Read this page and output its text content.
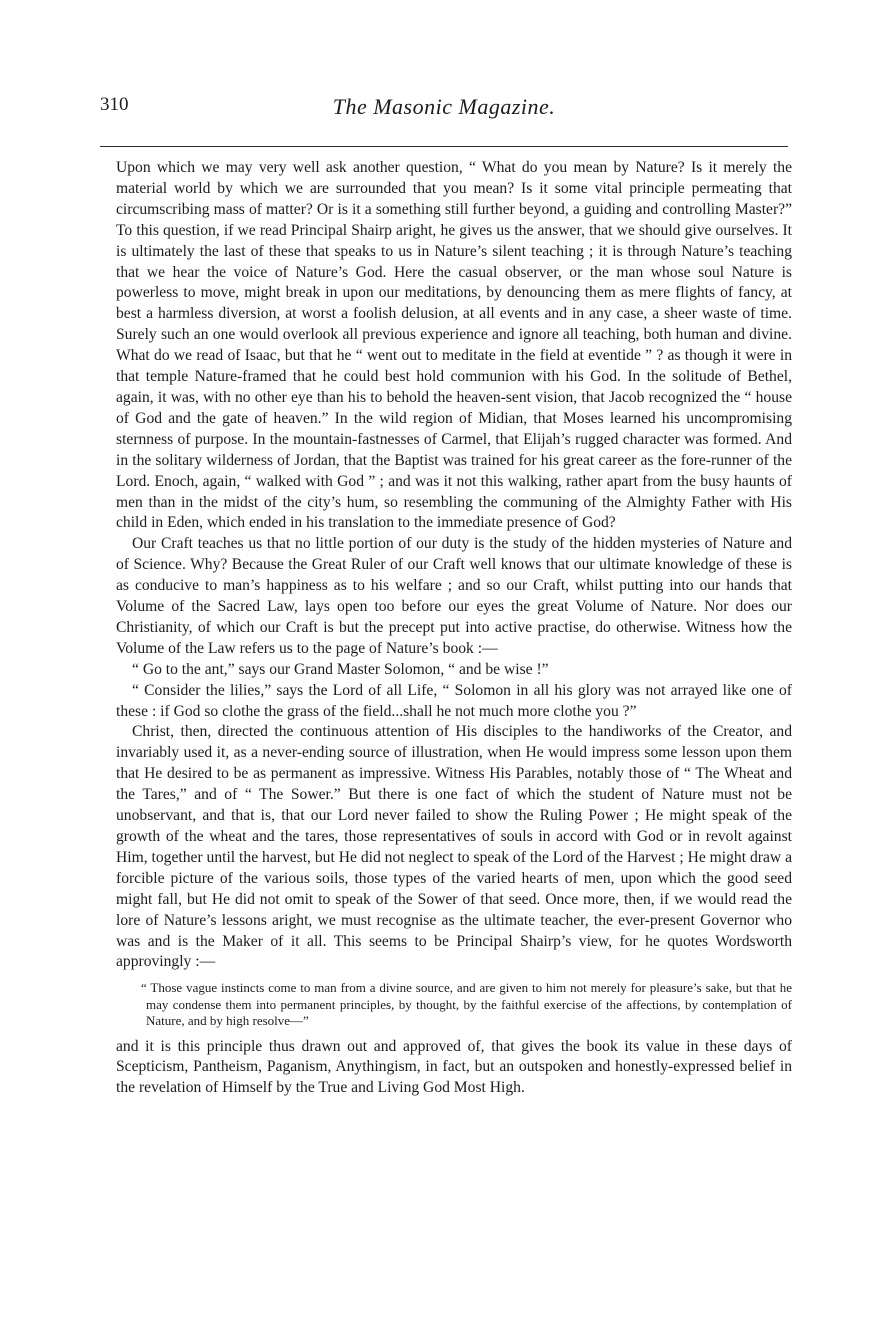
310	The Masonic Magazine.

Upon which we may very well ask another question, “ What do you mean by Nature? Is it merely the material world by which we are surrounded that you mean? Is it some vital principle permeating that circumscribing mass of matter? Or is it a something still further beyond, a guiding and controlling Master?” To this question, if we read Principal Shairp aright, he gives us the answer, that we should give ourselves. It is ultimately the last of these that speaks to us in Nature’s silent teaching ; it is through Nature’s teaching that we hear the voice of Nature’s God. Here the casual observer, or the man whose soul Nature is powerless to move, might break in upon our meditations, by denouncing them as mere flights of fancy, at best a harmless diversion, at worst a foolish delusion, at all events and in any case, a sheer waste of time. Surely such an one would overlook all previous experience and ignore all teaching, both human and divine. What do we read of Isaac, but that he “ went out to meditate in the field at eventide ” ? as though it were in that temple Nature-framed that he could best hold communion with his God. In the solitude of Bethel, again, it was, with no other eye than his to behold the heaven-sent vision, that Jacob recognized the “ house of God and the gate of heaven.” In the wild region of Midian, that Moses learned his uncompromising sternness of purpose. In the mountain-fastnesses of Carmel, that Elijah’s rugged character was formed. And in the solitary wilderness of Jordan, that the Baptist was trained for his great career as the fore-runner of the Lord. Enoch, again, “ walked with God ” ; and was it not this walking, rather apart from the busy haunts of men than in the midst of the city’s hum, so resembling the communing of the Almighty Father with His child in Eden, which ended in his translation to the immediate presence of God?

Our Craft teaches us that no little portion of our duty is the study of the hidden mysteries of Nature and of Science. Why? Because the Great Ruler of our Craft well knows that our ultimate knowledge of these is as conducive to man’s happiness as to his welfare ; and so our Craft, whilst putting into our hands that Volume of the Sacred Law, lays open too before our eyes the great Volume of Nature. Nor does our Christianity, of which our Craft is but the precept put into active practise, do otherwise. Witness how the Volume of the Law refers us to the page of Nature’s book :—

“ Go to the ant,” says our Grand Master Solomon, “ and be wise !”

“ Consider the lilies,” says the Lord of all Life, “ Solomon in all his glory was not arrayed like one of these : if God so clothe the grass of the field...shall he not much more clothe you ?”

Christ, then, directed the continuous attention of His disciples to the handiworks of the Creator, and invariably used it, as a never-ending source of illustration, when He would impress some lesson upon them that He desired to be as permanent as impressive. Witness His Parables, notably those of “ The Wheat and the Tares,” and of “ The Sower.” But there is one fact of which the student of Nature must not be unobservant, and that is, that our Lord never failed to show the Ruling Power ; He might speak of the growth of the wheat and the tares, those representatives of souls in accord with God or in revolt against Him, together until the harvest, but He did not neglect to speak of the Lord of the Harvest ; He might draw a forcible picture of the various soils, those types of the varied hearts of men, upon which the good seed might fall, but He did not omit to speak of the Sower of that seed. Once more, then, if we would read the lore of Nature’s lessons aright, we must recognise as the ultimate teacher, the ever-present Governor who was and is the Maker of it all. This seems to be Principal Shairp’s view, for he quotes Wordsworth approvingly :—

“ Those vague instincts come to man from a divine source, and are given to him not merely for pleasure’s sake, but that he may condense them into permanent principles, by thought, by the faithful exercise of the affections, by contemplation of Nature, and by high resolve—”

and it is this principle thus drawn out and approved of, that gives the book its value in these days of Scepticism, Pantheism, Paganism, Anythingism, in fact, but an outspoken and honestly-expressed belief in the revelation of Himself by the True and Living God Most High.
